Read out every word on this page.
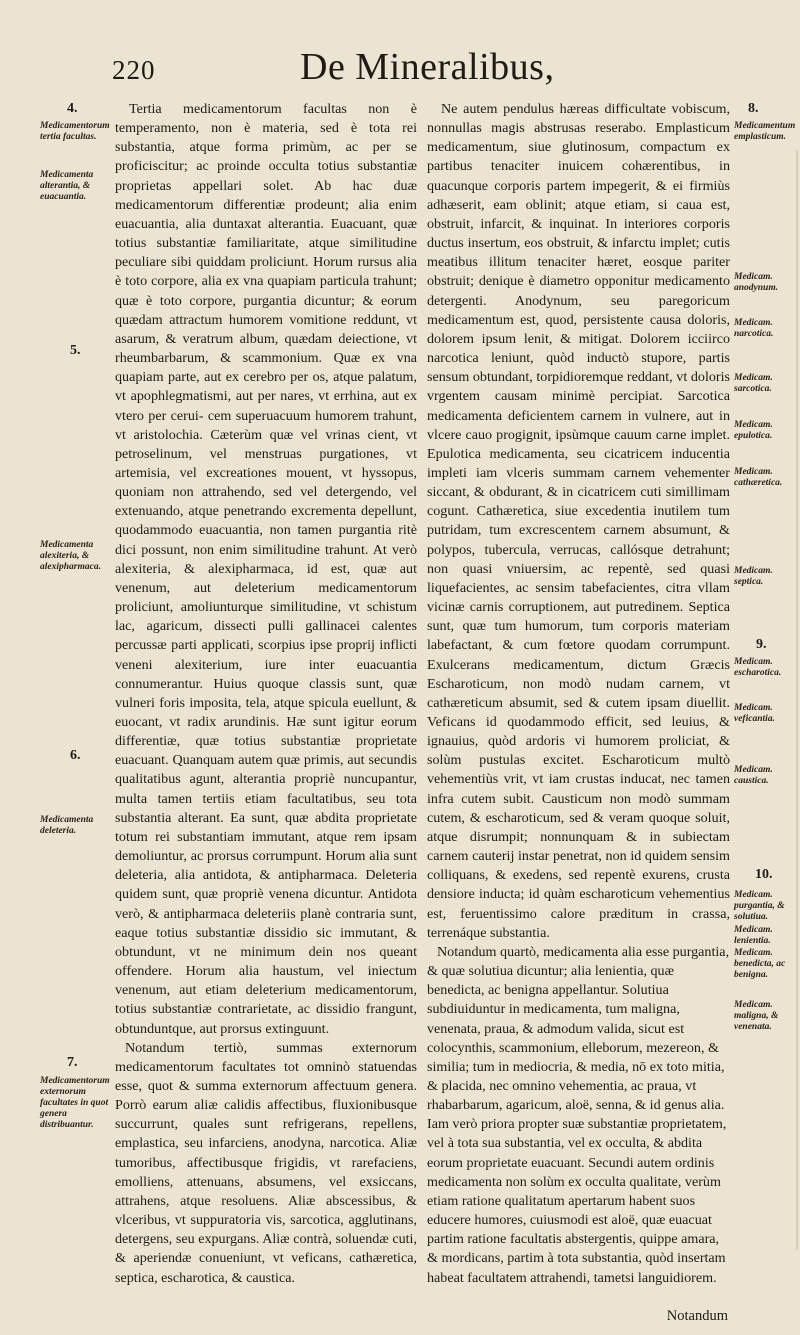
220	De Mineralibus,
4.
Medicamentorum tertia facultas.
Medicamenta alterantia, & euacuantia.
5.
Medicamenta alexiteria, & alexipharmaca.
6.
Medicamenta deleteria.
7.
Medicamentorum externorum facultates in quot genera distribuantur.

Tertia medicamentorum facultas non è temperamento, non è materia, sed è tota rei substantia, atque forma primùm, ac per se proficiscitur; ac proinde occulta totius substantiæ proprietas appellari solet. Ab hac duæ medicamentorum differentiæ prodeunt; alia enim euacuantia, alia duntaxat alterantia. Euacuant, quæ totius substantiæ familiaritate, atque similitudine peculiare sibi quiddam proliciunt. Horum rursus alia è toto corpore, alia ex vna quapiam particula trahunt; quæ è toto corpore, purgantia dicuntur; & eorum quædam attractum humorem vomitione reddunt, vt asarum, & veratrum album, quædam deiectione, vt rheumbarbarum, & scammonium. Quæ ex vna quapiam parte, aut ex cerebro per os, atque palatum, vt apophlegmatismi, aut per nares, vt errhina, aut ex vtero per cerui- cem superuacuum humorem trahunt, vt aristolochia. Cæterùm quæ vel vrinas cient, vt petroselinum, vel menstruas purgationes, vt artemisia, vel excreationes mouent, vt hyssopus, quoniam non attrahendo, sed vel detergendo, vel extenuando, atque penetrando excrementa depellunt, quodammodo euacuantia, non tamen purgantia ritè dici possunt, non enim similitudine trahunt. At verò alexiteria, & alexipharmaca, id est, quæ aut venenum, aut deleterium medicamentorum proliciunt, amoliunturque similitudine, vt schistum lac, agaricum, dissecti pulli gallinacei calentes percussæ parti applicati, scorpius ipse proprij inflicti veneni alexiterium, iure inter euacuantia connumerantur. Huius quoque classis sunt, quæ vulneri foris imposita, tela, atque spicula euellunt, & euocant, vt radix arundinis. Hæ sunt igitur eorum differentiæ, quæ totius substantiæ proprietate euacuant. Quanquam autem quæ primis, aut secundis qualitatibus agunt, alterantia propriè nuncupantur, multa tamen tertiis etiam facultatibus, seu tota substantia alterant. Ea sunt, quæ abdita proprietate totum rei substantiam immutant, atque rem ipsam demoliuntur, ac prorsus corrumpunt. Horum alia sunt deleteria, alia antidota, & antipharmaca. Deleteria quidem sunt, quæ propriè venena dicuntur. Antidota verò, & antipharmaca deleteriis planè contraria sunt, eaque totius substantiæ dissidio sic immutant, & obtundunt, vt ne minimum dein nos queant offendere. Horum alia haustum, vel iniectum venenum, aut etiam deleterium medicamentorum, totius substantiæ contrarietate, ac dissidio frangunt, obtunduntque, aut prorsus extinguunt.

Notandum tertiò, summas externorum medicamentorum facultates tot omninò statuendas esse, quot & summa externorum affectuum genera. Porrò earum aliæ calidis affectibus, fluxionibusque succurrunt, quales sunt refrigerans, repellens, emplastica, seu infarciens, anodyna, narcotica. Aliæ tumoribus, affectibusque frigidis, vt rarefaciens, emolliens, attenuans, absumens, vel exsiccans, attrahens, atque resoluens. Aliæ abscessibus, & vlceribus, vt suppuratoria vis, sarcotica, agglutinans, detergens, seu expurgans. Aliæ contrà, soluendæ cuti, & aperiendæ conueniunt, vt veficans, cathæretica, septica, escharotica, & caustica.

Ne autem pendulus hæreas difficultate vobiscum, nonnullas magis abstrusas reserabo. Emplasticum medicamentum, siue glutinosum, compactum ex partibus tenaciter inuicem cohærentibus, in quacunque corporis partem impegerit, & ei firmiùs adhæserit, eam oblinit; atque etiam, si caua est, obstruit, infarcit, & inquinat. In interiores corporis ductus insertum, eos obstruit, & infarctu implet; cutis meatibus illitum tenaciter hæret, eosque pariter obstruit; denique è diametro opponitur medicamento detergenti. Anodynum, seu paregoricum medicamentum est, quod, persistente causa doloris, dolorem ipsum lenit, & mitigat. Dolorem icciirco narcotica leniunt, quòd inductò stupore, partis sensum obtundant, torpidioremque reddant, vt doloris vrgentem causam minimè percipiat. Sarcotica medicamenta deficientem carnem in vulnere, aut in vlcere cauo progignit, ipsùmque cauum carne implet. Epulotica medicamenta, seu cicatricem inducentia impleti iam vlceris summam carnem vehementer siccant, & obdurant, & in cicatricem cuti simillimam cogunt. Cathæretica, siue excedentia inutilem tum putridam, tum excrescentem carnem absumunt, & polypos, tubercula, verrucas, callósque detrahunt; non quasi vniuersim, ac repentè, sed quasi liquefacientes, ac sensim tabefacientes, citra vllam vicinæ carnis corruptionem, aut putredinem. Septica sunt, quæ tum humorum, tum corporis materiam labefactant, & cum fœtore quodam corrumpunt. Exulcerans medicamentum, dictum Græcis Escharoticum, non modò nudam carnem, vt cathæreticum absumit, sed & cutem ipsam diuellit. Veficans id quodammodo efficit, sed leuius, & ignauius, quòd ardoris vi humorem proliciat, & solùm pustulas excitet. Escharoticum multò vehementiùs vrit, vt iam crustas inducat, nec tamen infra cutem subit. Causticum non modò summam cutem, & escharoticum, sed & veram quoque soluit, atque disrumpit; nonnunquam & in subiectam carnem cauterij instar penetrat, non id quidem sensim colliquans, & exedens, sed repentè exurens, crusta densiore inducta; id quàm escharoticum vehementius est, feruentissimo calore præditum in crassa, terrenáque substantia.

Notandum quartò, medicamenta alia esse purgantia, & quæ solutiua dicuntur; alia lenientia, quæ benedicta, ac benigna appellantur. Solutiua subdiuiduntur in medicamenta, tum maligna, venenata, praua, & admodum valida, sicut est colocynthis, scammonium, elleborum, mezereon, & similia; tum in mediocria, & media, nō ex toto mitia, & placida, nec omnino vehementia, ac praua, vt rhabarbarum, agaricum, aloë, senna, & id genus alia. Iam verò priora propter suæ substantiæ proprietatem, vel à tota sua substantia, vel ex occulta, & abdita eorum proprietate euacuant. Secundi autem ordinis medicamenta non solùm ex occulta qualitate, verùm etiam ratione qualitatum apertarum habent suos educere humores, cuiusmodi est aloë, quæ euacuat partim ratione facultatis abstergentis, quippe amara, & mordicans, partim à tota substantia, quòd insertam habeat facultatem attrahendi, tametsi languidiorem.

Notandum
8.
Medicamentum emplasticum.
Medicam. anodynum.
Medicam. narcotica.
Medicam. sarcotica.
Medicam. epulotica.
Medicam. cathæretica.
Medicam. septica.
9.
Medicam. escharotica.
Medicam. veficantia.
Medicam. caustica.
10.
Medicam. purgantia, & solutiua.
Medicam. lenientia.
Medicam. benedicta, ac benigna.
Medicam. maligna, & venenata.
